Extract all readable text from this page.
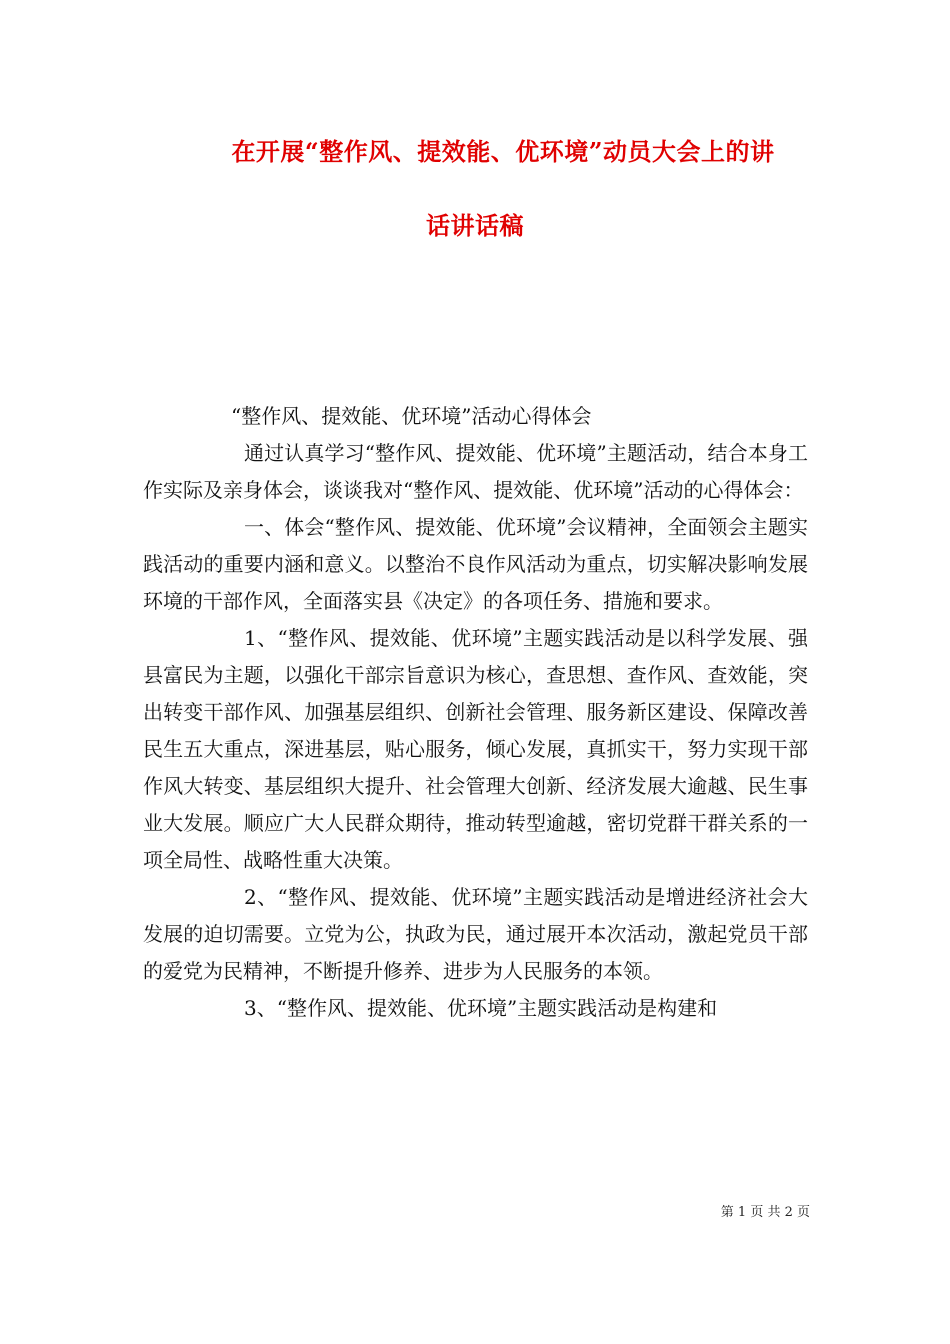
在开展“整作风、提效能、优环境”动员大会上的讲
话讲话稿

“整作风、提效能、优环境”活动心得体会

通过认真学习“整作风、提效能、优环境”主题活动，结合本身工作实际及亲身体会，谈谈我对“整作风、提效能、优环境”活动的心得体会：

一、体会“整作风、提效能、优环境”会议精神，全面领会主题实践活动的重要内涵和意义。以整治不良作风活动为重点，切实解决影响发展环境的干部作风，全面落实县《决定》的各项任务、措施和要求。

1、“整作风、提效能、优环境”主题实践活动是以科学发展、强县富民为主题，以强化干部宗旨意识为核心，查思想、查作风、查效能，突出转变干部作风、加强基层组织、创新社会管理、服务新区建设、保障改善民生五大重点，深进基层，贴心服务，倾心发展，真抓实干，努力实现干部作风大转变、基层组织大提升、社会管理大创新、经济发展大逾越、民生事业大发展。顺应广大人民群众期待，推动转型逾越，密切党群干群关系的一项全局性、战略性重大决策。

2、“整作风、提效能、优环境”主题实践活动是增进经济社会大发展的迫切需要。立党为公，执政为民，通过展开本次活动，激起党员干部的爱党为民精神，不断提升修养、进步为人民服务的本领。

3、“整作风、提效能、优环境”主题实践活动是构建和

第 1 页 共 2 页
